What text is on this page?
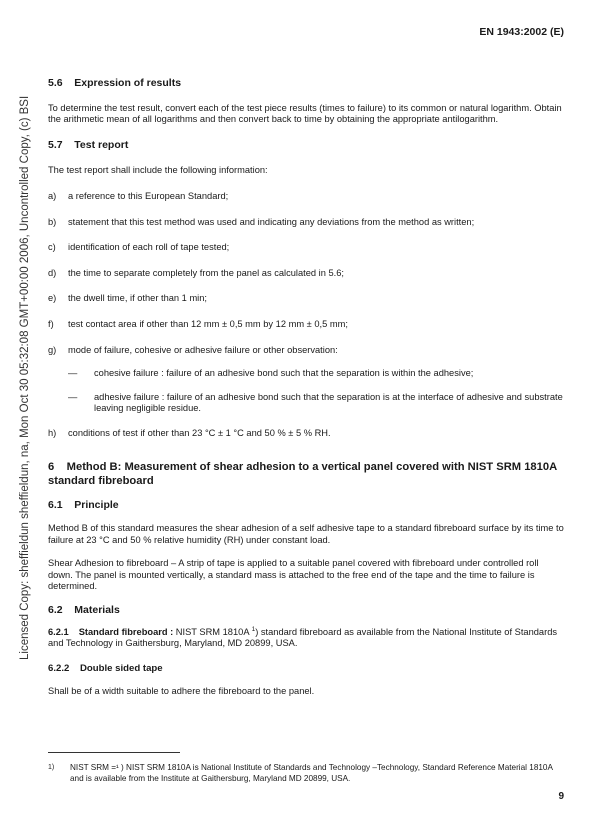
EN 1943:2002 (E)
Licensed Copy: sheffieldun sheffieldun, na, Mon Oct 30 05:32:08 GMT+00:00 2006, Uncontrolled Copy, (c) BSI

5.6    Expression of results

To determine the test result, convert each of the test piece results (times to failure) to its common or natural logarithm. Obtain the arithmetic mean of all logarithms and then convert back to time by obtaining the appropriate antilogarithm.

5.7    Test report

The test report shall include the following information:

a)	a reference to this European Standard;
b)	statement that this test method was used and indicating any deviations from the method as written;
c)	identification of each roll of tape tested;
d)	the time to separate completely from the panel as calculated in 5.6;
e)	the dwell time, if other than 1 min;
f)	test contact area if other than 12 mm ± 0,5 mm by 12 mm ± 0,5 mm;
g)	mode of failure, cohesive or adhesive failure or other observation:
—	cohesive failure : failure of an adhesive bond such that the separation is within the adhesive;
—	adhesive failure : failure of an adhesive bond such that the separation is at the interface of adhesive and substrate leaving negligible residue.
h)	conditions of test if other than 23 °C ± 1 °C and 50 % ± 5 % RH.

6    Method B: Measurement of shear adhesion to a vertical panel covered with NIST SRM 1810A standard fibreboard

6.1    Principle

Method B of this standard measures the shear adhesion of a self adhesive tape to a standard fibreboard surface by its time to failure at 23 °C and 50 % relative humidity (RH) under constant load.

Shear Adhesion to fibreboard – A strip of tape is applied to a suitable panel covered with fibreboard under controlled roll down. The panel is mounted vertically, a standard mass is attached to the free end of the tape and the time to failure is determined.

6.2    Materials

6.2.1 Standard fibreboard : NIST SRM 1810A $^1$) standard fibreboard as available from the National Institute of Standards and Technology in Gaithersburg, Maryland, MD 20899, USA.

6.2.2    Double sided tape

Shall be of a width suitable to adhere the fibreboard to the panel.

1)	NIST SRM =¹ ) NIST SRM 1810A is National Institute of Standards and Technology –Technology, Standard Reference Material 1810A and is available from the Institute at Gaithersburg, Maryland MD 20899, USA.
9
